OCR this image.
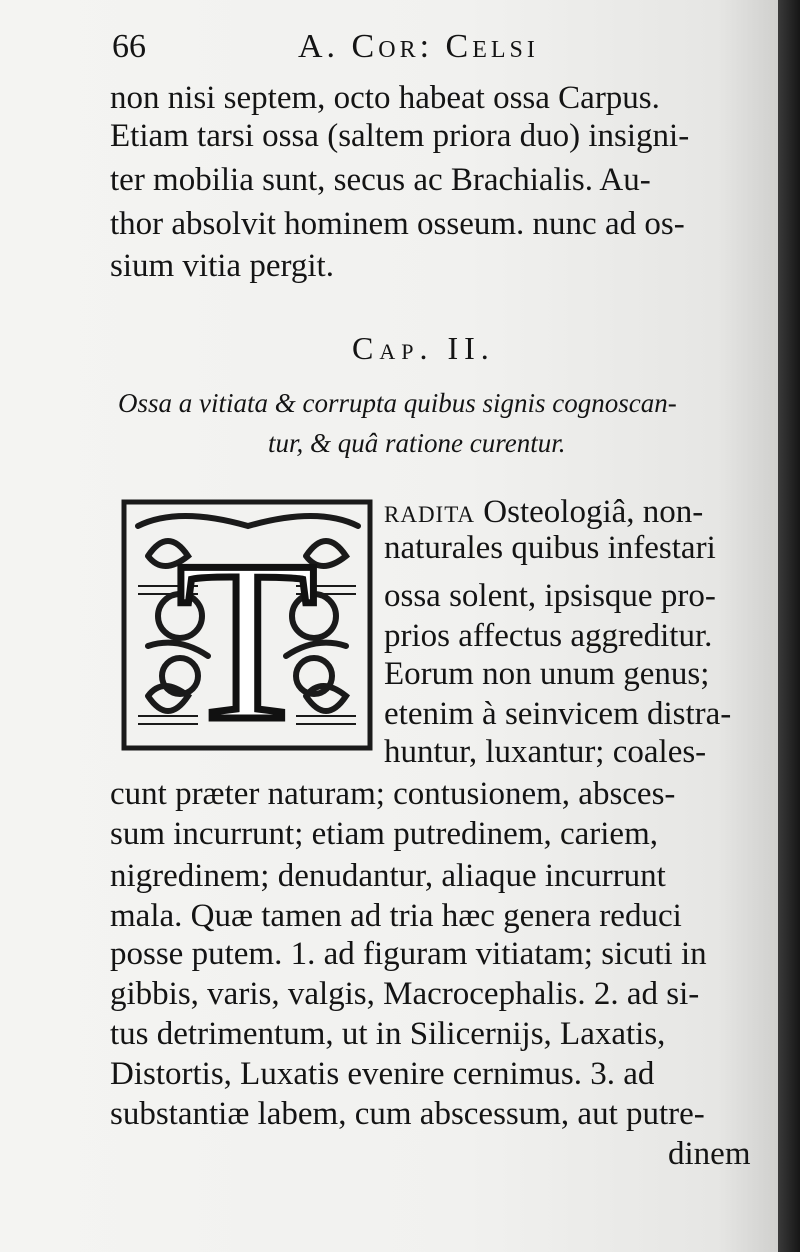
66	A. Cor: Celsi
non nisi septem, octo habeat ossa Carpus.
Etiam tarsi ossa (saltem priora duo) insigni-
ter mobilia sunt, secus ac Brachialis. Au-
thor absolvit hominem osseum. nunc ad os-
sium vitia pergit.
Cap. II.
Ossa a vitiata & corrupta quibus signis cognoscan-
tur, & quâ ratione curentur.
T
radita Osteologiâ, non-
naturales quibus infestari
ossa solent, ipsisque pro-
prios affectus aggreditur.
Eorum non unum genus;
etenim à seinvicem distra-
huntur, luxantur; coales-
cunt præter naturam; contusionem, absces-
sum incurrunt; etiam putredinem, cariem,
nigredinem; denudantur, aliaque incurrunt
mala. Quæ tamen ad tria hæc genera reduci
posse putem. 1. ad figuram vitiatam; sicuti in
gibbis, varis, valgis, Macrocephalis. 2. ad si-
tus detrimentum, ut in Silicernijs, Laxatis,
Distortis, Luxatis evenire cernimus. 3. ad
substantiæ labem, cum abscessum, aut putre-
dinem
